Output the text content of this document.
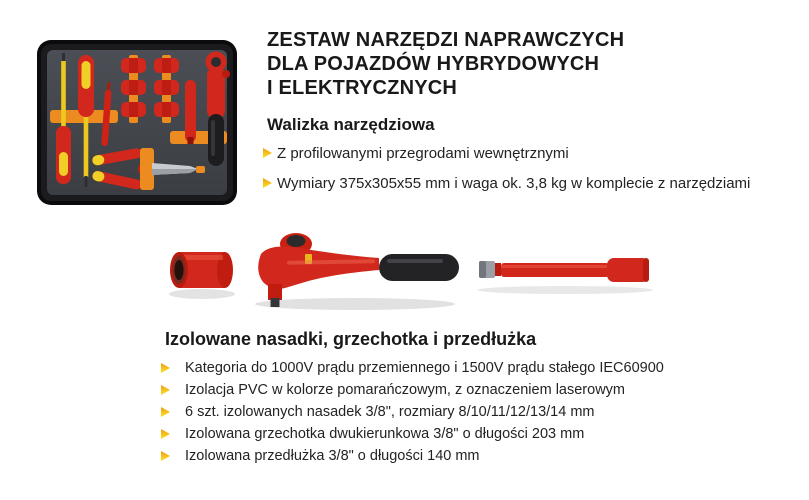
ZESTAW NARZĘDZI NAPRAWCZYCH
DLA POJAZDÓW HYBRYDOWYCH
I ELEKTRYCZNYCH
Walizka narzędziowa
Z profilowanymi przegrodami wewnętrznymi
Wymiary 375x305x55 mm i waga ok. 3,8 kg w komplecie z narzędziami
Izolowane nasadki, grzechotka i przedłużka
Kategoria do 1000V prądu przemiennego i 1500V prądu stałego IEC60900
Izolacja PVC w kolorze pomarańczowym, z oznaczeniem laserowym
6 szt. izolowanych nasadek 3/8", rozmiary 8/10/11/12/13/14 mm
Izolowana grzechotka dwukierunkowa 3/8" o długości 203 mm
Izolowana przedłużka 3/8" o długości 140 mm
